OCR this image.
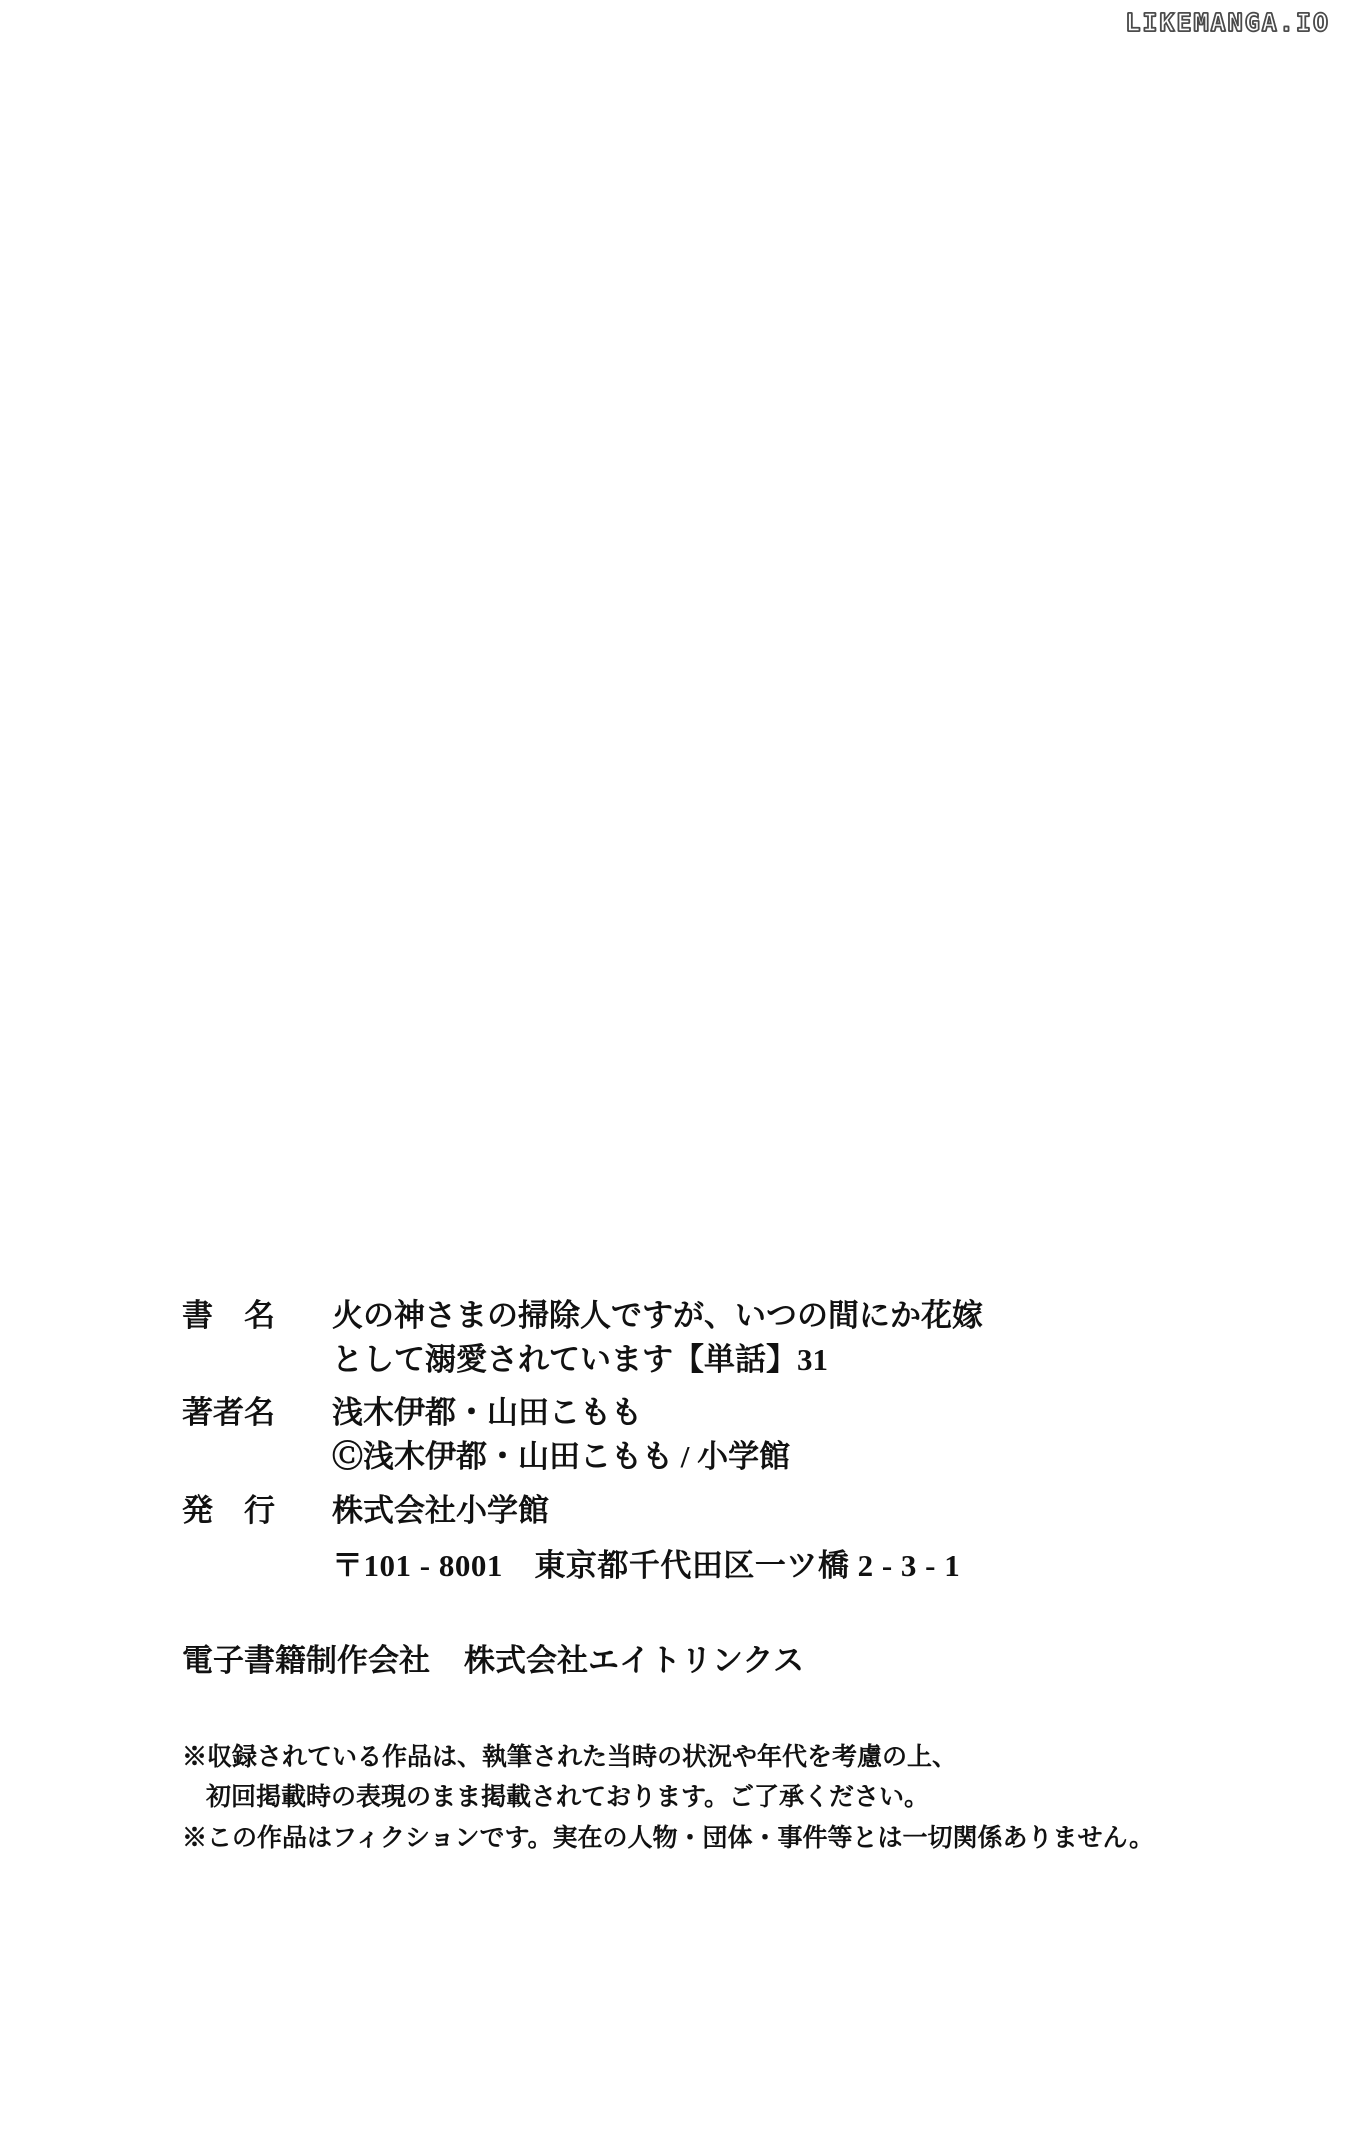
LIKEMANGA.IO
書　名 火の神さまの掃除人ですが、いつの間にか花嫁
として溺愛されています【単話】31
著者名	浅木伊都・山田こもも
Ⓒ浅木伊都・山田こもも / 小学館
発　行 株式会社小学館
〒101 - 8001　東京都千代田区一ツ橋 2 - 3 - 1
電子書籍制作会社 株式会社エイトリンクス
※収録されている作品は、執筆された当時の状況や年代を考慮の上、
初回掲載時の表現のまま掲載されております。ご了承ください。
※この作品はフィクションです。実在の人物・団体・事件等とは一切関係ありません。
